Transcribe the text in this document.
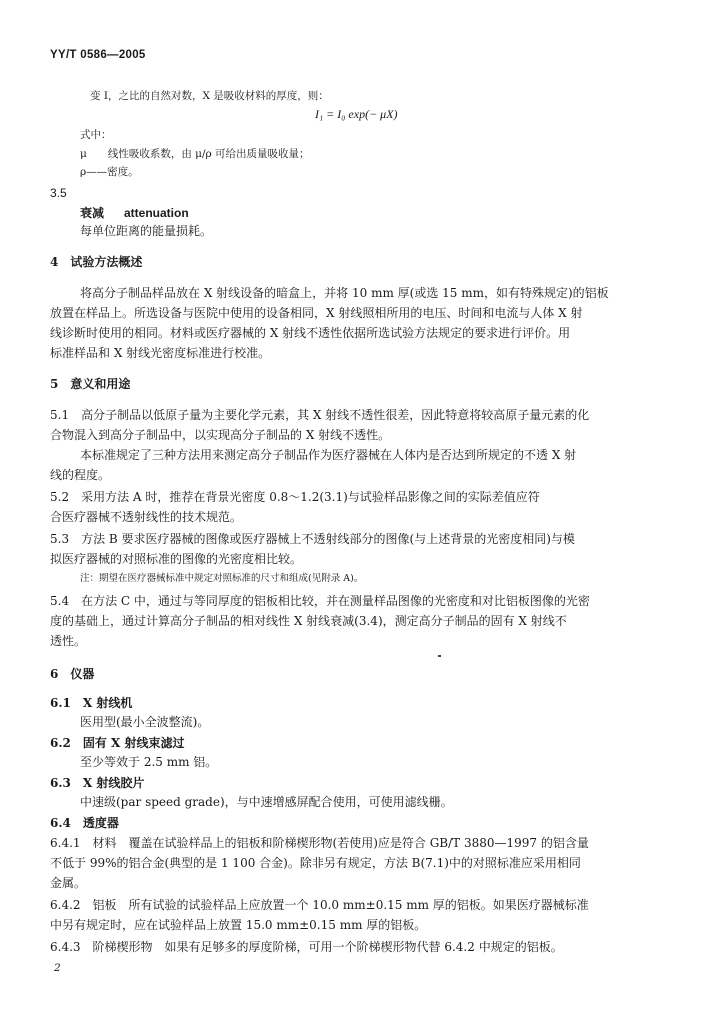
YY/T 0586—2005
变 I，之比的自然对数，X 是吸收材料的厚度，则：
I₁ = I₀ exp(− μX)
式中：
μ　　线性吸收系数，由 μ/ρ 可给出质量吸收量；
ρ——密度。
3.5
衰减 attenuation
每单位距离的能量损耗。
4　试验方法概述
将高分子制品样品放在 X 射线设备的暗盒上，并将 10 mm 厚(或选 15 mm，如有特殊规定)的铝板
放置在样品上。所选设备与医院中使用的设备相同，X 射线照相所用的电压、时间和电流与人体 X 射
线诊断时使用的相同。材料或医疗器械的 X 射线不透性依据所选试验方法规定的要求进行评价。用
标准样品和 X 射线光密度标准进行校准。
5　意义和用途
5.1　高分子制品以低原子量为主要化学元素，其 X 射线不透性很差，因此特意将较高原子量元素的化
合物混入到高分子制品中，以实现高分子制品的 X 射线不透性。
本标准规定了三种方法用来测定高分子制品作为医疗器械在人体内是否达到所规定的不透 X 射
线的程度。
5.2　采用方法 A 时，推荐在背景光密度 0.8～1.2(3.1)与试验样品影像之间的实际差值应符
合医疗器械不透射线性的技术规范。
5.3　方法 B 要求医疗器械的图像或医疗器械上不透射线部分的图像(与上述背景的光密度相同)与模
拟医疗器械的对照标准的图像的光密度相比较。
注：期望在医疗器械标准中规定对照标准的尺寸和组成(见附录 A)。
5.4　在方法 C 中，通过与等同厚度的铝板相比较，并在测量样品图像的光密度和对比铝板图像的光密
度的基础上，通过计算高分子制品的相对线性 X 射线衰减(3.4)，测定高分子制品的固有 X 射线不
透性。
6　仪器
6.1　X 射线机
医用型(最小全波整流)。
6.2　固有 X 射线束滤过
至少等效于 2.5 mm 铝。
6.3　X 射线胶片
中速级(par speed grade)，与中速增感屏配合使用，可使用滤线栅。
6.4　透度器
6.4.1　材料　覆盖在试验样品上的铝板和阶梯楔形物(若使用)应是符合 GB/T 3880—1997 的铝含量
不低于 99%的铝合金(典型的是 1 100 合金)。除非另有规定，方法 B(7.1)中的对照标准应采用相同
金属。
6.4.2　铝板　所有试验的试验样品上应放置一个 10.0 mm±0.15 mm 厚的铝板。如果医疗器械标准
中另有规定时，应在试验样品上放置 15.0 mm±0.15 mm 厚的铝板。
6.4.3　阶梯楔形物　如果有足够多的厚度阶梯，可用一个阶梯楔形物代替 6.4.2 中规定的铝板。
2
